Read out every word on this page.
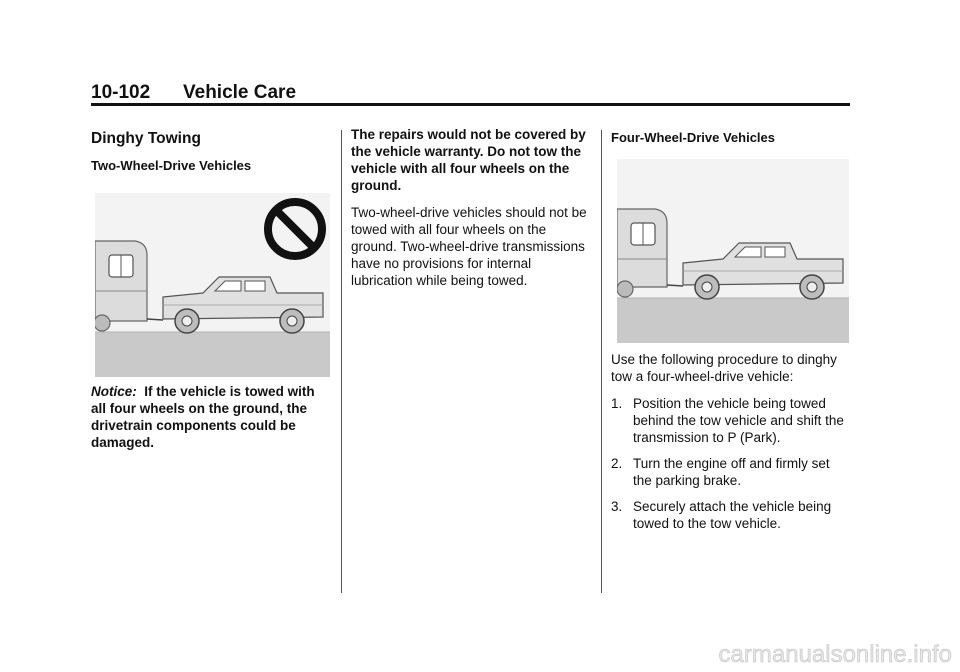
10-102 Vehicle Care
Dinghy Towing
Two-Wheel-Drive Vehicles
Notice: If the vehicle is towed with all four wheels on the ground, the drivetrain components could be damaged.

The repairs would not be covered by the vehicle warranty. Do not tow the vehicle with all four wheels on the ground.

Two-wheel-drive vehicles should not be towed with all four wheels on the ground. Two-wheel-drive transmissions have no provisions for internal lubrication while being towed.

Four-Wheel-Drive Vehicles

Use the following procedure to dinghy tow a four-wheel-drive vehicle:

1. Position the vehicle being towed behind the tow vehicle and shift the transmission to P (Park).
2. Turn the engine off and firmly set the parking brake.
3. Securely attach the vehicle being towed to the tow vehicle.
carmanualsonline.info
